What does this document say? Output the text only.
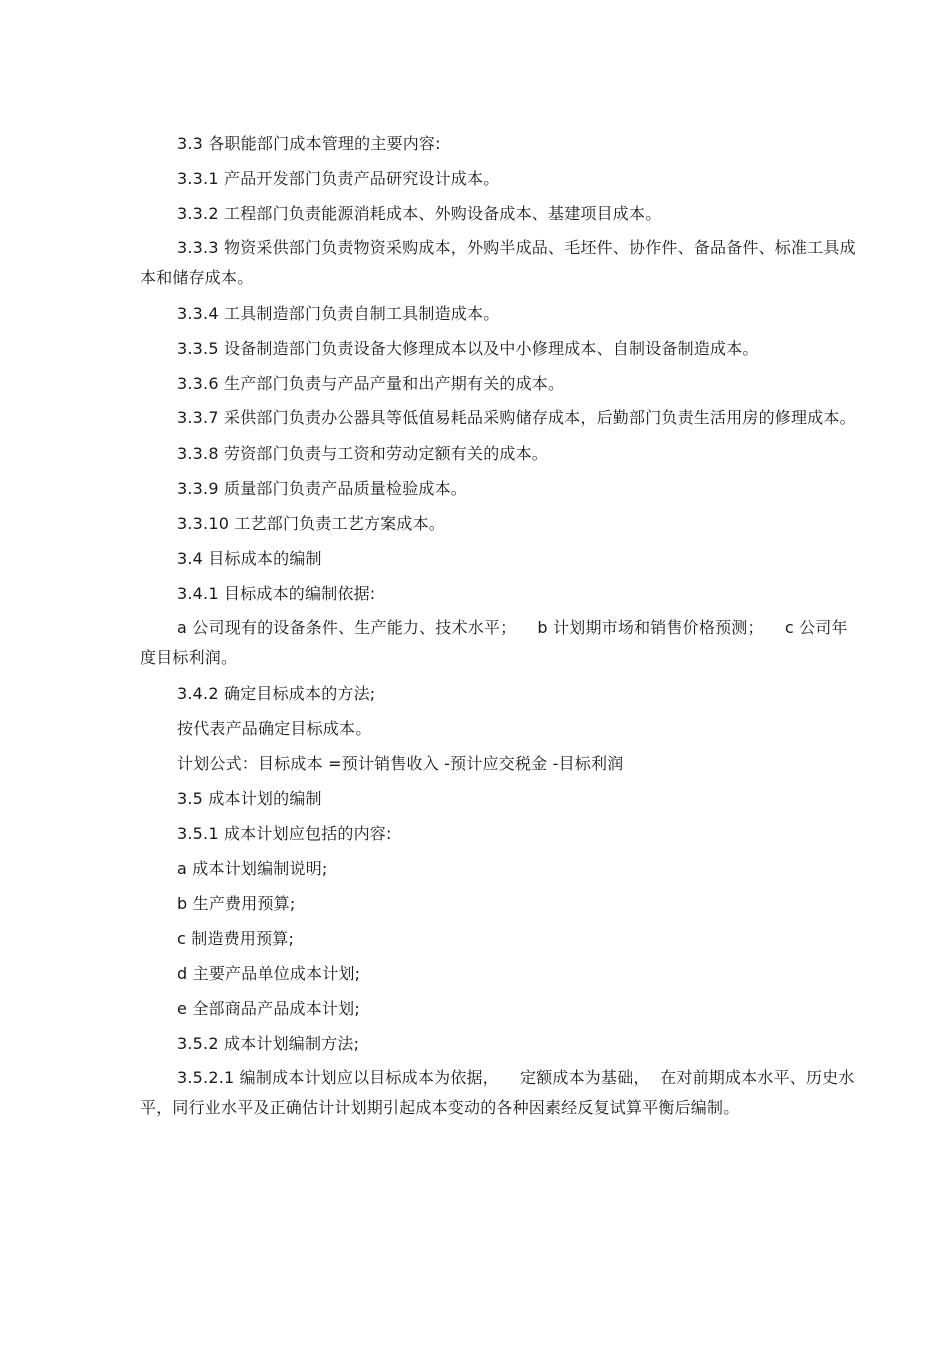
3.3 各职能部门成本管理的主要内容:

3.3.1 产品开发部门负责产品研究设计成本。

3.3.2 工程部门负责能源消耗成本、外购设备成本、基建项目成本。

3.3.3 物资采供部门负责物资采购成本，外购半成品、毛坯件、协作件、备品备件、标准工具成本和储存成本。

3.3.4 工具制造部门负责自制工具制造成本。

3.3.5 设备制造部门负责设备大修理成本以及中小修理成本、自制设备制造成本。

3.3.6 生产部门负责与产品产量和出产期有关的成本。

3.3.7 采供部门负责办公器具等低值易耗品采购储存成本，后勤部门负责生活用房的修理成本。

3.3.8 劳资部门负责与工资和劳动定额有关的成本。

3.3.9 质量部门负责产品质量检验成本。

3.3.10 工艺部门负责工艺方案成本。

3.4 目标成本的编制

3.4.1 目标成本的编制依据:

a 公司现有的设备条件、生产能力、技术水平；    b 计划期市场和销售价格预测；    c 公司年度目标利润。

3.4.2 确定目标成本的方法;

按代表产品确定目标成本。

计划公式：目标成本 =预计销售收入 -预计应交税金 -目标利润

3.5 成本计划的编制

3.5.1 成本计划应包括的内容:

a 成本计划编制说明;

b 生产费用预算;

c 制造费用预算;

d 主要产品单位成本计划;

e 全部商品产品成本计划;

3.5.2 成本计划编制方法;

3.5.2.1 编制成本计划应以目标成本为依据，    定额成本为基础，  在对前期成本水平、历史水平，同行业水平及正确估计计划期引起成本变动的各种因素经反复试算平衡后编制。
